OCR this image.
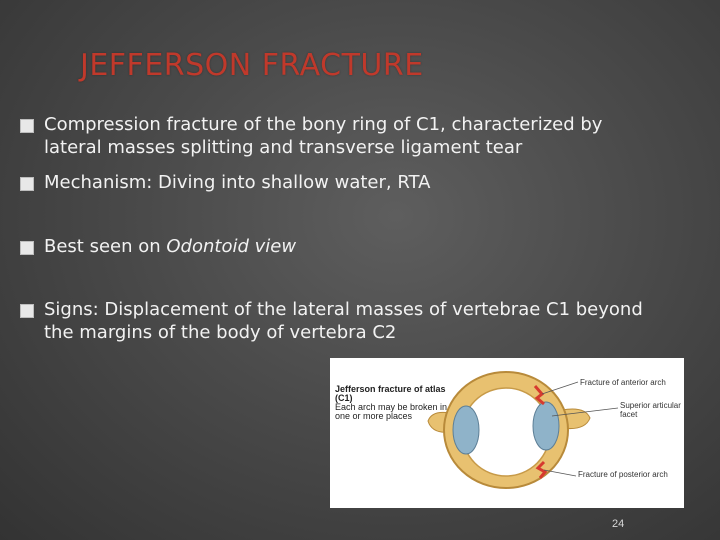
JEFFERSON FRACTURE
Compression fracture of the bony ring of C1, characterized by lateral masses splitting and transverse ligament tear
Mechanism: Diving into shallow water, RTA
Best seen on Odontoid view
Signs: Displacement of the lateral masses of vertebrae C1 beyond the margins of the body of vertebra C2
Jefferson fracture of atlas (C1)
Each arch may be broken in one or more places
Fracture of anterior arch
Superior articular facet
Fracture of posterior arch
24
